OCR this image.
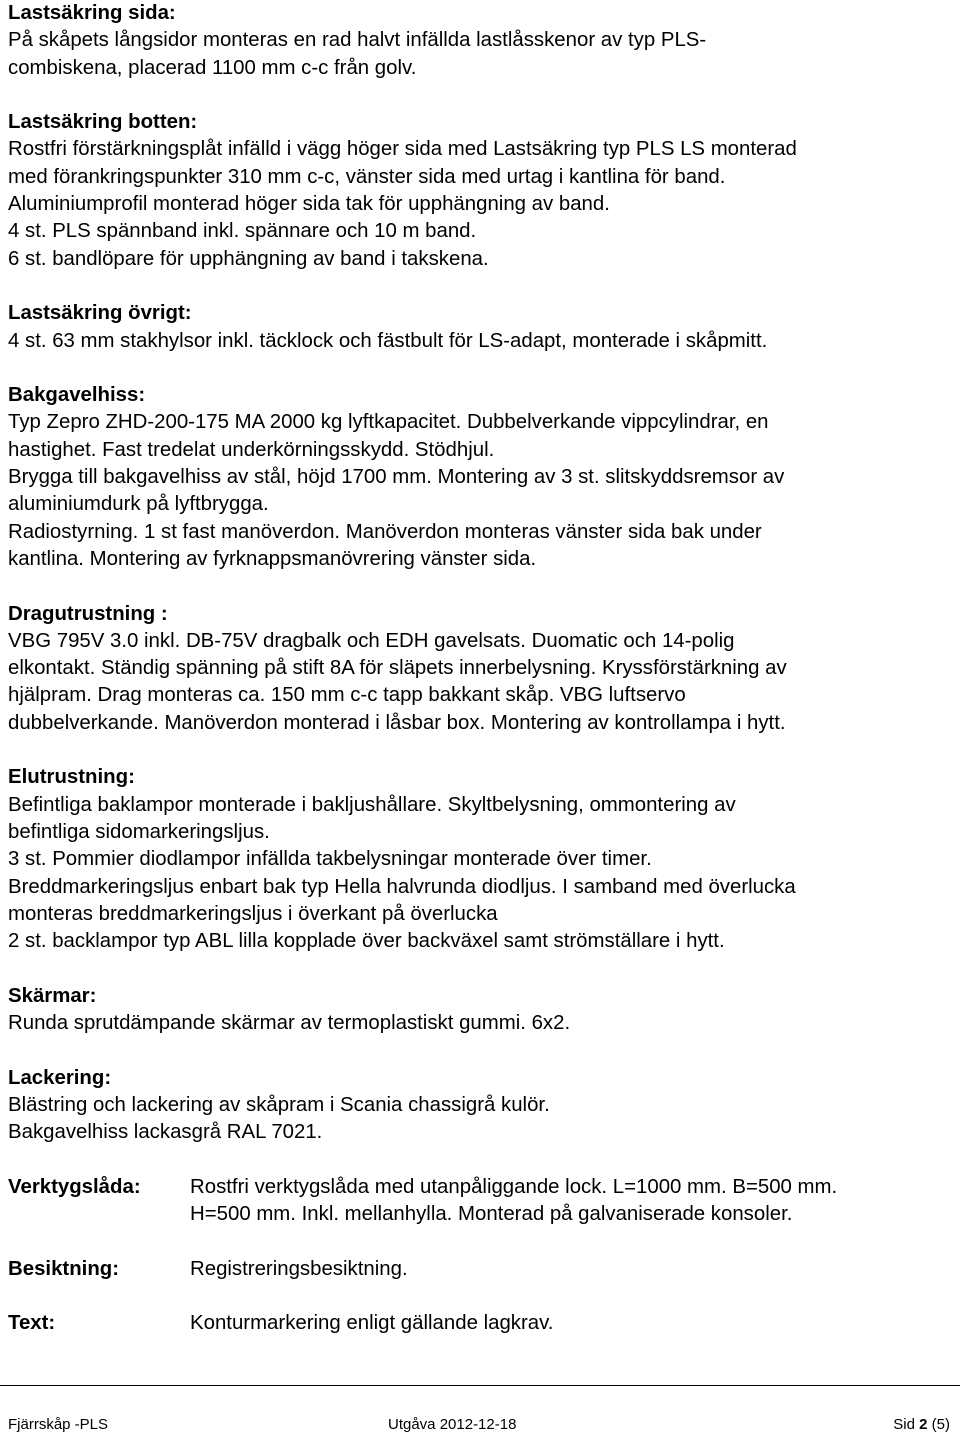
Lastsäkring sida:
På skåpets långsidor monteras en rad halvt infällda lastlåsskenor av typ PLS-
combiskena, placerad 1100 mm c-c från golv.
Lastsäkring botten:
Rostfri förstärkningsplåt infälld i vägg höger sida med Lastsäkring typ PLS LS monterad
med förankringspunkter 310 mm c-c, vänster sida med urtag i kantlina för band.
Aluminiumprofil monterad höger sida tak för upphängning av band.
4 st. PLS spännband inkl. spännare och 10 m band.
6 st. bandlöpare för upphängning av band i takskena.
Lastsäkring övrigt:
4 st. 63 mm stakhylsor inkl. täcklock och fästbult för LS-adapt, monterade i skåpmitt.
Bakgavelhiss:
Typ Zepro ZHD-200-175 MA 2000 kg lyftkapacitet. Dubbelverkande vippcylindrar, en
hastighet. Fast tredelat underkörningsskydd. Stödhjul.
Brygga till bakgavelhiss av stål, höjd 1700 mm. Montering av 3 st. slitskyddsremsor av
aluminiumdurk på lyftbrygga.
Radiostyrning. 1 st fast manöverdon. Manöverdon monteras vänster sida bak under
kantlina. Montering av fyrknappsmanövrering vänster sida.
Dragutrustning :
VBG 795V 3.0 inkl. DB-75V dragbalk och EDH gavelsats. Duomatic och 14-polig
elkontakt. Ständig spänning på stift 8A för släpets innerbelysning. Kryssförstärkning av
hjälpram. Drag monteras ca. 150 mm c-c tapp bakkant skåp. VBG luftservo
dubbelverkande. Manöverdon monterad i låsbar box. Montering av kontrollampa i hytt.
Elutrustning:
Befintliga baklampor monterade i bakljushållare. Skyltbelysning, ommontering av
befintliga sidomarkeringsljus.
3 st. Pommier diodlampor infällda takbelysningar monterade över timer.
Breddmarkeringsljus enbart bak typ Hella halvrunda diodljus. I samband med överlucka
monteras breddmarkeringsljus i överkant på överlucka
2 st. backlampor typ ABL lilla kopplade över backväxel samt strömställare i hytt.
Skärmar:
Runda sprutdämpande skärmar av termoplastiskt gummi. 6x2.
Lackering:
Blästring och lackering av skåpram i Scania chassigrå kulör.
Bakgavelhiss lackasgrå RAL 7021.
Verktygslåda:	Rostfri verktygslåda med utanpåliggande lock. L=1000 mm. B=500 mm.
H=500 mm. Inkl. mellanhylla. Monterad på galvaniserade konsoler.
Besiktning:	Registreringsbesiktning.
Text:	Konturmarkering enligt gällande lagkrav.
Fjärrskåp -PLS	Utgåva 2012-12-18	Sid 2 (5)
